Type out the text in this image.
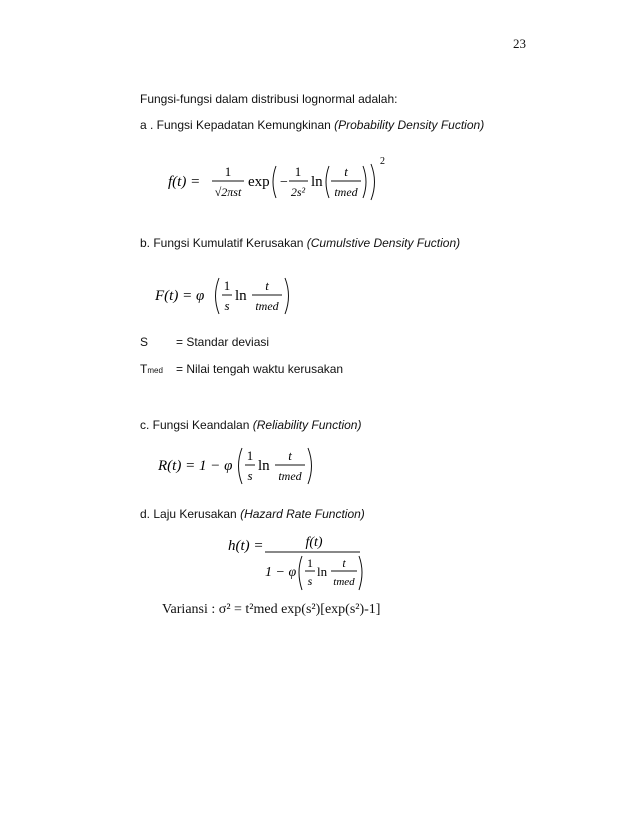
23
Fungsi-fungsi dalam distribusi lognormal adalah:
a . Fungsi Kepadatan Kemungkinan (Probability Density Fuction)
f(t) =
1
√2πst
exp −
1
2s²
ln
t
tmed
2
b. Fungsi Kumulatif Kerusakan (Cumulstive Density Fuction)
F(t) = φ
1
s
ln
t
tmed
S = Standar deviasi
Tmed = Nilai tengah waktu kerusakan
c. Fungsi Keandalan (Reliability Function)
R(t) = 1 − φ
1
s
ln
t
tmed
d. Laju Kerusakan (Hazard Rate Function)
h(t) =	f(t)
1 − φ
1
s
ln
t
tmed
Variansi : σ² = t²med exp(s²)[exp(s²)-1]
